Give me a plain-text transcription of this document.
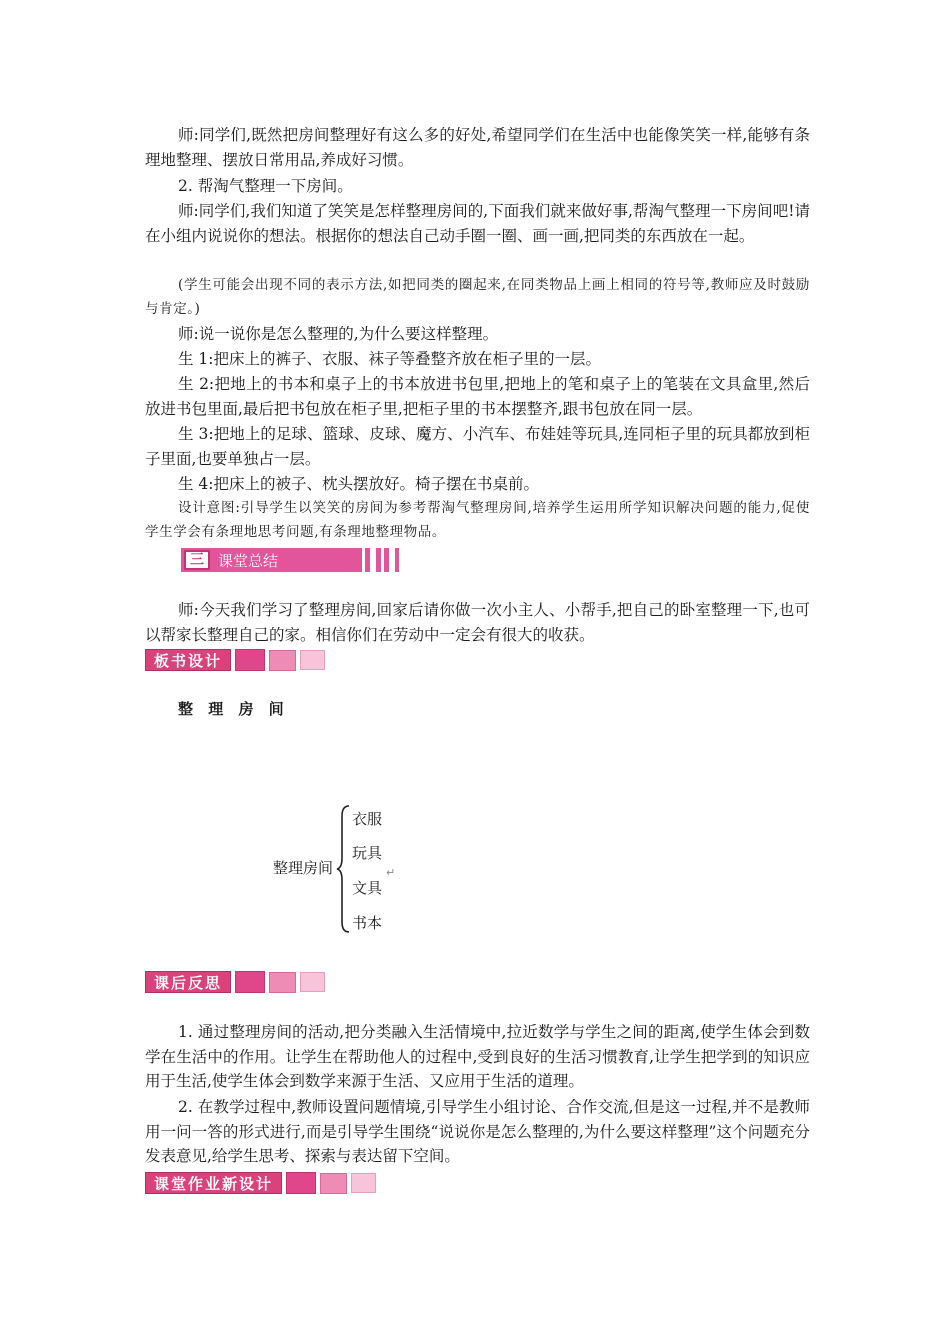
师:同学们,既然把房间整理好有这么多的好处,希望同学们在生活中也能像笑笑一样,能够有条理地整理、摆放日常用品,养成好习惯。

2. 帮淘气整理一下房间。

师:同学们,我们知道了笑笑是怎样整理房间的,下面我们就来做好事,帮淘气整理一下房间吧!请在小组内说说你的想法。根据你的想法自己动手圈一圈、画一画,把同类的东西放在一起。

(学生可能会出现不同的表示方法,如把同类的圈起来,在同类物品上画上相同的符号等,教师应及时鼓励与肯定。)

师:说一说你是怎么整理的,为什么要这样整理。

生 1:把床上的裤子、衣服、袜子等叠整齐放在柜子里的一层。

生 2:把地上的书本和桌子上的书本放进书包里,把地上的笔和桌子上的笔装在文具盒里,然后放进书包里面,最后把书包放在柜子里,把柜子里的书本摆整齐,跟书包放在同一层。

生 3:把地上的足球、篮球、皮球、魔方、小汽车、布娃娃等玩具,连同柜子里的玩具都放到柜子里面,也要单独占一层。

生 4:把床上的被子、枕头摆放好。椅子摆在书桌前。

设计意图:引导学生以笑笑的房间为参考帮淘气整理房间,培养学生运用所学知识解决问题的能力,促使学生学会有条理地思考问题,有条理地整理物品。

三 课堂总结

师:今天我们学习了整理房间,回家后请你做一次小主人、小帮手,把自己的卧室整理一下,也可以帮家长整理自己的家。相信你们在劳动中一定会有很大的收获。

板书设计
整 理 房 间
整理房间
衣服
玩具
文具
书本
↵
课后反思

1. 通过整理房间的活动,把分类融入生活情境中,拉近数学与学生之间的距离,使学生体会到数学在生活中的作用。让学生在帮助他人的过程中,受到良好的生活习惯教育,让学生把学到的知识应用于生活,使学生体会到数学来源于生活、又应用于生活的道理。

2. 在教学过程中,教师设置问题情境,引导学生小组讨论、合作交流,但是这一过程,并不是教师用一问一答的形式进行,而是引导学生围绕“说说你是怎么整理的,为什么要这样整理”这个问题充分发表意见,给学生思考、探索与表达留下空间。

课堂作业新设计
